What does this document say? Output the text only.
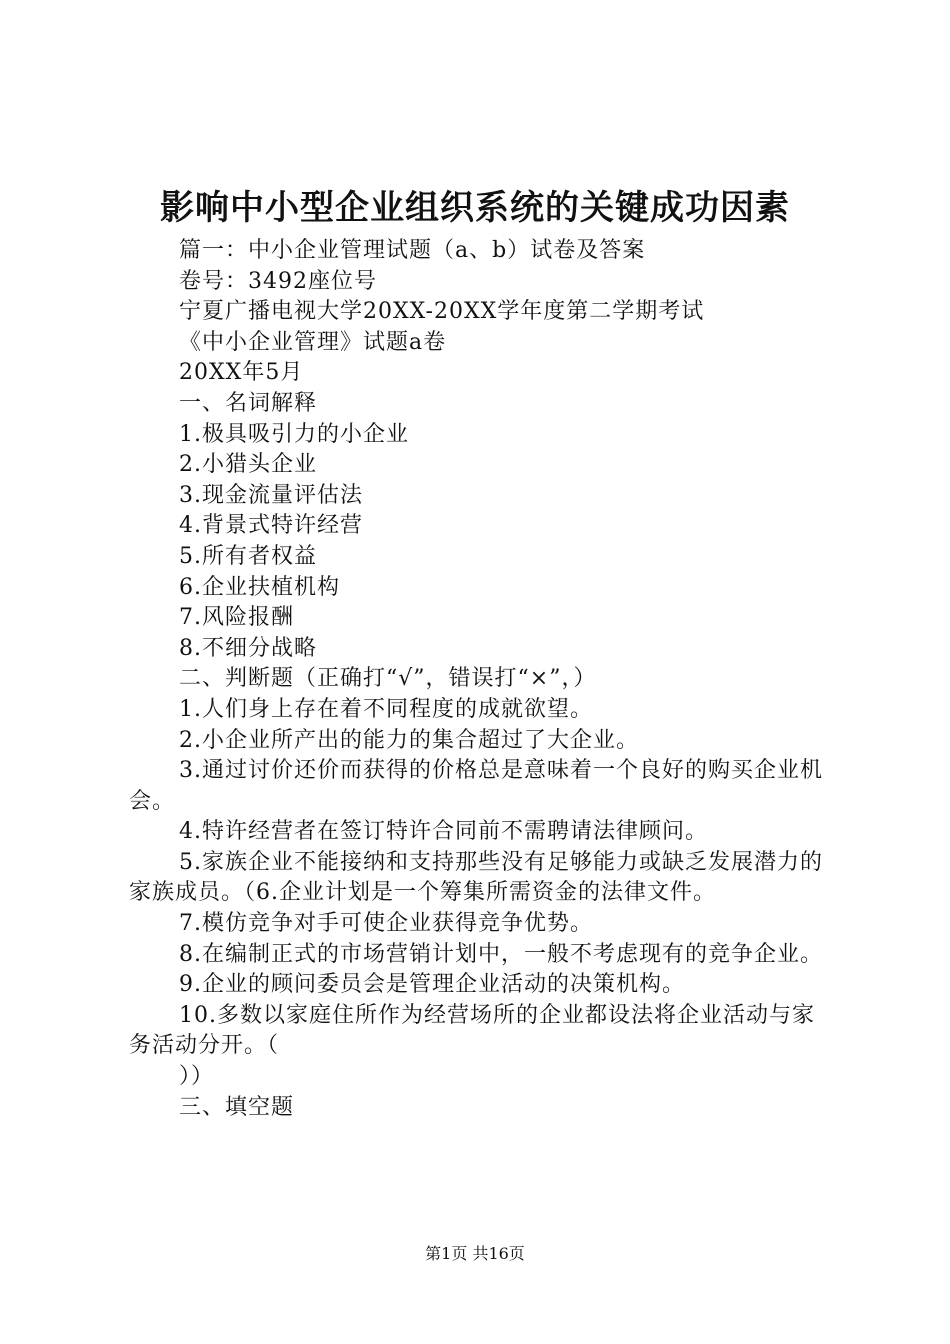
影响中小型企业组织系统的关键成功因素
篇一：中小企业管理试题（a、b）试卷及答案
卷号：3492座位号
宁夏广播电视大学20XX-20XX学年度第二学期考试
《中小企业管理》试题a卷
20XX年5月
一、名词解释
1.极具吸引力的小企业
2.小猎头企业
3.现金流量评估法
4.背景式特许经营
5.所有者权益
6.企业扶植机构
7.风险报酬
8.不细分战略
二、判断题（正确打“√”，错误打“×”，）
1.人们身上存在着不同程度的成就欲望。
2.小企业所产出的能力的集合超过了大企业。
3.通过讨价还价而获得的价格总是意味着一个良好的购买企业机会。
4.特许经营者在签订特许合同前不需聘请法律顾问。
5.家族企业不能接纳和支持那些没有足够能力或缺乏发展潜力的家族成员。（6.企业计划是一个筹集所需资金的法律文件。
7.模仿竞争对手可使企业获得竞争优势。
8.在编制正式的市场营销计划中，一般不考虑现有的竞争企业。
9.企业的顾问委员会是管理企业活动的决策机构。
10.多数以家庭住所作为经营场所的企业都设法将企业活动与家务活动分开。（
））
三、填空题
第1页 共16页
